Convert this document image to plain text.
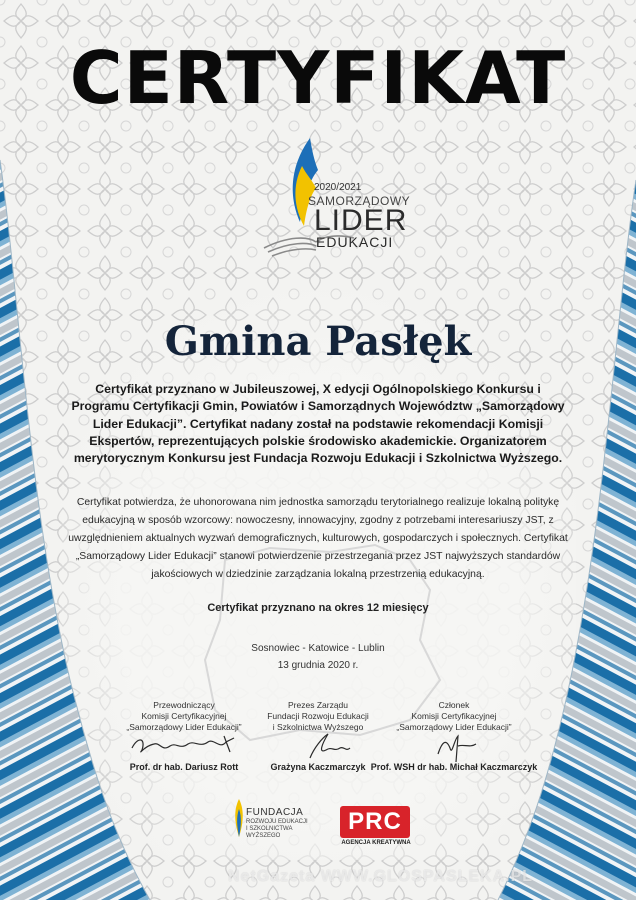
CERTYFIKAT
2020/2021
SAMORZĄDOWY
LIDER
EDUKACJI
Gmina Pasłęk
Certyfikat przyznano w Jubileuszowej, X edycji Ogólnopolskiego Konkursu i Programu Certyfikacji Gmin, Powiatów i Samorządnych Województw „Samorządowy Lider Edukacji”. Certyfikat nadany został na podstawie rekomendacji Komisji Ekspertów, reprezentujących polskie środowisko akademickie. Organizatorem merytorycznym Konkursu jest Fundacja Rozwoju Edukacji i Szkolnictwa Wyższego.
Certyfikat potwierdza, że uhonorowana nim jednostka samorządu terytorialnego realizuje lokalną politykę edukacyjną w sposób wzorcowy: nowoczesny, innowacyjny, zgodny z potrzebami interesariuszy JST, z uwzględnieniem aktualnych wyzwań demograficznych, kulturowych, gospodarczych i społecznych. Certyfikat „Samorządowy Lider Edukacji” stanowi potwierdzenie przestrzegania przez JST najwyższych standardów jakościowych w dziedzinie zarządzania lokalną przestrzenią edukacyjną.
Certyfikat przyznano na okres 12 miesięcy
Sosnowiec - Katowice - Lublin
13 grudnia 2020 r.
Przewodniczący
Komisji Certyfikacyjnej
„Samorządowy Lider Edukacji”
Prof. dr hab. Dariusz Rott
Prezes Zarządu
Fundacji Rozwoju Edukacji
i Szkolnictwa Wyższego
Grażyna Kaczmarczyk
Członek
Komisji Certyfikacyjnej
„Samorządowy Lider Edukacji”
Prof. WSH dr hab. Michał Kaczmarczyk
FUNDACJA
ROZWOJU EDUKACJI
I SZKOLNICTWA WYŻSZEGO
PRC
AGENCJA KREATYWNA
NetGazeta WWW.GLOSPASLEKA.PL
